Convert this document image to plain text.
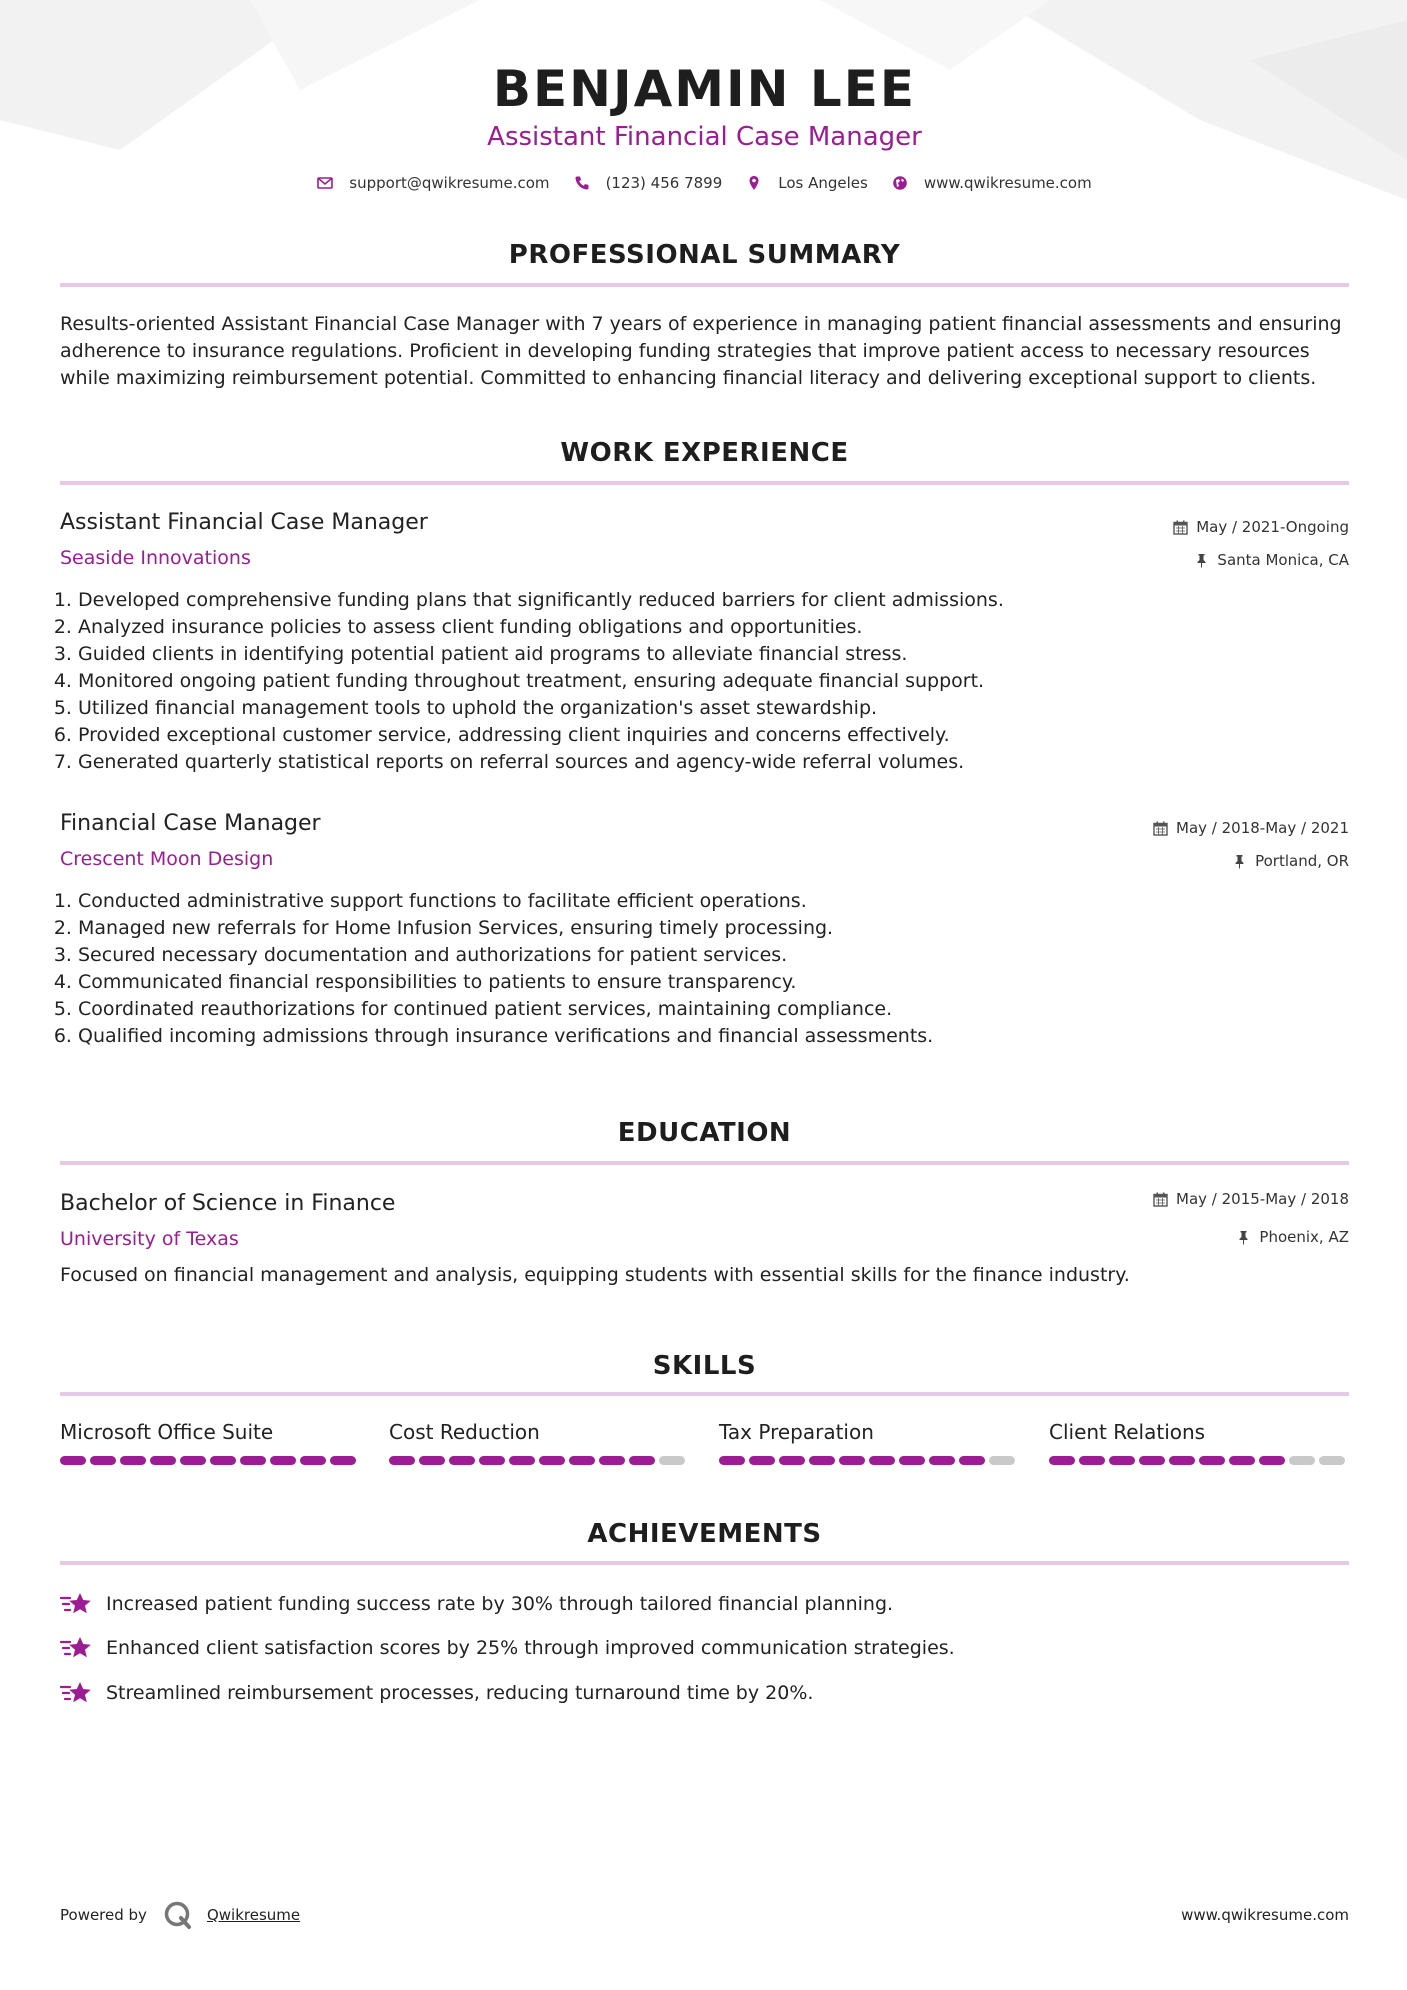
BENJAMIN LEE
Assistant Financial Case Manager
support@qwikresume.com	(123) 456 7899	Los Angeles	www.qwikresume.com
PROFESSIONAL SUMMARY
Results-oriented Assistant Financial Case Manager with 7 years of experience in managing patient financial assessments and ensuring adherence to insurance regulations. Proficient in developing funding strategies that improve patient access to necessary resources while maximizing reimbursement potential. Committed to enhancing financial literacy and delivering exceptional support to clients.
WORK EXPERIENCE
Assistant Financial Case Manager
Seaside Innovations
May / 2021-Ongoing
Santa Monica, CA
1. Developed comprehensive funding plans that significantly reduced barriers for client admissions.
2. Analyzed insurance policies to assess client funding obligations and opportunities.
3. Guided clients in identifying potential patient aid programs to alleviate financial stress.
4. Monitored ongoing patient funding throughout treatment, ensuring adequate financial support.
5. Utilized financial management tools to uphold the organization's asset stewardship.
6. Provided exceptional customer service, addressing client inquiries and concerns effectively.
7. Generated quarterly statistical reports on referral sources and agency-wide referral volumes.
Financial Case Manager
Crescent Moon Design
May / 2018-May / 2021
Portland, OR
1. Conducted administrative support functions to facilitate efficient operations.
2. Managed new referrals for Home Infusion Services, ensuring timely processing.
3. Secured necessary documentation and authorizations for patient services.
4. Communicated financial responsibilities to patients to ensure transparency.
5. Coordinated reauthorizations for continued patient services, maintaining compliance.
6. Qualified incoming admissions through insurance verifications and financial assessments.
EDUCATION
Bachelor of Science in Finance
University of Texas
May / 2015-May / 2018
Phoenix, AZ
Focused on financial management and analysis, equipping students with essential skills for the finance industry.
SKILLS
Microsoft Office Suite	Cost Reduction	Tax Preparation	Client Relations
ACHIEVEMENTS
Increased patient funding success rate by 30% through tailored financial planning.
Enhanced client satisfaction scores by 25% through improved communication strategies.
Streamlined reimbursement processes, reducing turnaround time by 20%.
Powered by	Qwikresume	www.qwikresume.com
